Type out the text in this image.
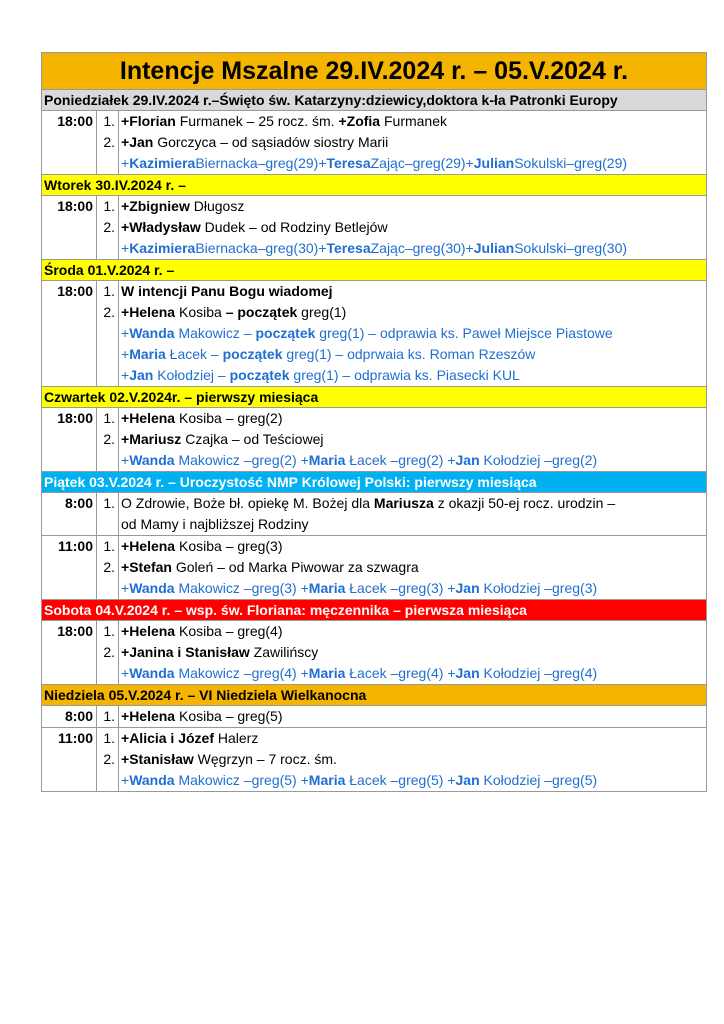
Intencje Mszalne 29.IV.2024 r. – 05.V.2024 r.
Poniedziałek 29.IV.2024 r.–Święto św. Katarzyny:dziewicy,doktora k-ła Patronki Europy
18:00 1.
2.
+Florian Furmanek – 25 rocz. śm. +Zofia Furmanek
+Jan Gorczyca – od sąsiadów siostry Marii
+KazimieraBiernacka–greg(29)+TeresaZając–greg(29)+JulianSokulski–greg(29)
Wtorek 30.IV.2024 r. –
18:00 1.
2.
+Zbigniew Długosz
+Władysław Dudek – od Rodziny Betlejów
+KazimieraBiernacka–greg(30)+TeresaZając–greg(30)+JulianSokulski–greg(30)
Środa 01.V.2024 r. –
18:00 1.
2.
W intencji Panu Bogu wiadomej
+Helena Kosiba – początek greg(1)
+Wanda Makowicz – początek greg(1) – odprawia ks. Paweł Miejsce Piastowe
+Maria Łacek – początek greg(1) – odprwaia ks. Roman Rzeszów
+Jan Kołodziej – początek greg(1) – odprawia ks. Piasecki KUL
Czwartek 02.V.2024r. – pierwszy miesiąca
18:00 1.
2.
+Helena Kosiba – greg(2)
+Mariusz Czajka – od Teściowej
+Wanda Makowicz –greg(2) +Maria Łacek –greg(2) +Jan Kołodziej –greg(2)
Piątek 03.V.2024 r. – Uroczystość NMP Królowej Polski: pierwszy miesiąca
8:00 1. O Zdrowie, Boże bł. opiekę M. Bożej dla Mariusza z okazji 50-ej rocz. urodzin –
od Mamy i najbliższej Rodziny
11:00 1.
2.
+Helena Kosiba – greg(3)
+Stefan Goleń – od Marka Piwowar za szwagra
+Wanda Makowicz –greg(3) +Maria Łacek –greg(3) +Jan Kołodziej –greg(3)
Sobota 04.V.2024 r. – wsp. św. Floriana: męczennika – pierwsza miesiąca
18:00 1.
2.
+Helena Kosiba – greg(4)
+Janina i Stanisław Zawilińscy
+Wanda Makowicz –greg(4) +Maria Łacek –greg(4) +Jan Kołodziej –greg(4)
Niedziela 05.V.2024 r. – VI Niedziela Wielkanocna
8:00 1. +Helena Kosiba – greg(5)
11:00 1.
2.
+Alicia i Józef Halerz
+Stanisław Węgrzyn – 7 rocz. śm.
+Wanda Makowicz –greg(5) +Maria Łacek –greg(5) +Jan Kołodziej –greg(5)
